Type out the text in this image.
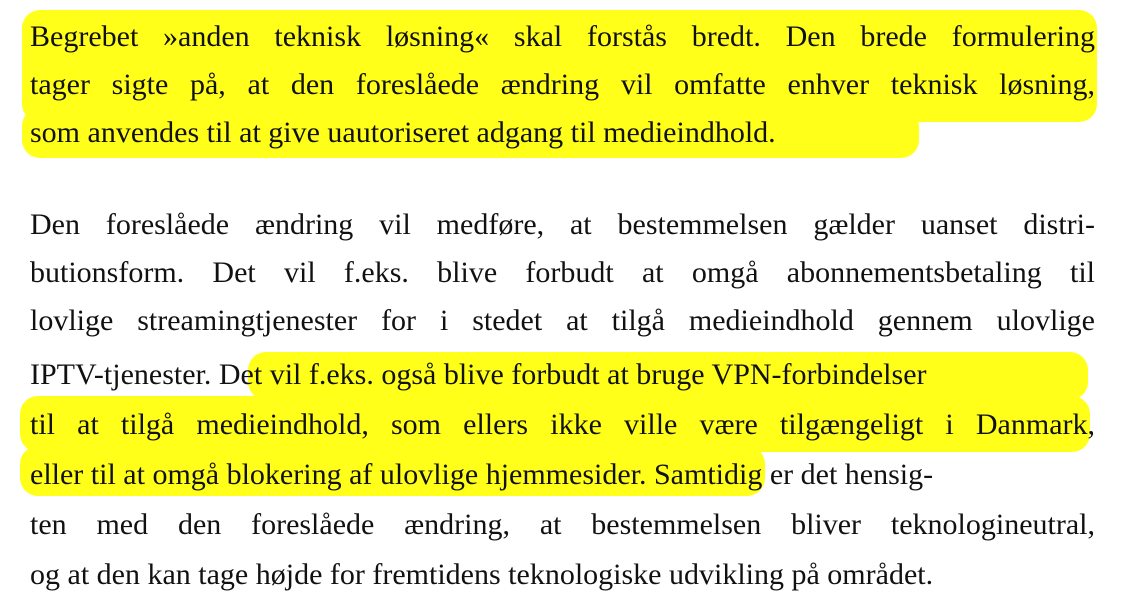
Begrebet »anden teknisk løsning« skal forstås bredt. Den brede formulering
tager sigte på, at den foreslåede ændring vil omfatte enhver teknisk løsning,
som anvendes til at give uautoriseret adgang til medieindhold.
Den foreslåede ændring vil medføre, at bestemmelsen gælder uanset distri-
butionsform. Det vil f.eks. blive forbudt at omgå abonnementsbetaling til
lovlige streamingtjenester for i stedet at tilgå medieindhold gennem ulovlige
IPTV-tjenester. Det vil f.eks. også blive forbudt at bruge VPN-forbindelser
til at tilgå medieindhold, som ellers ikke ville være tilgængeligt i Danmark,
eller til at omgå blokering af ulovlige hjemmesider. Samtidig er det hensig-
ten med den foreslåede ændring, at bestemmelsen bliver teknologineutral,
og at den kan tage højde for fremtidens teknologiske udvikling på området.
